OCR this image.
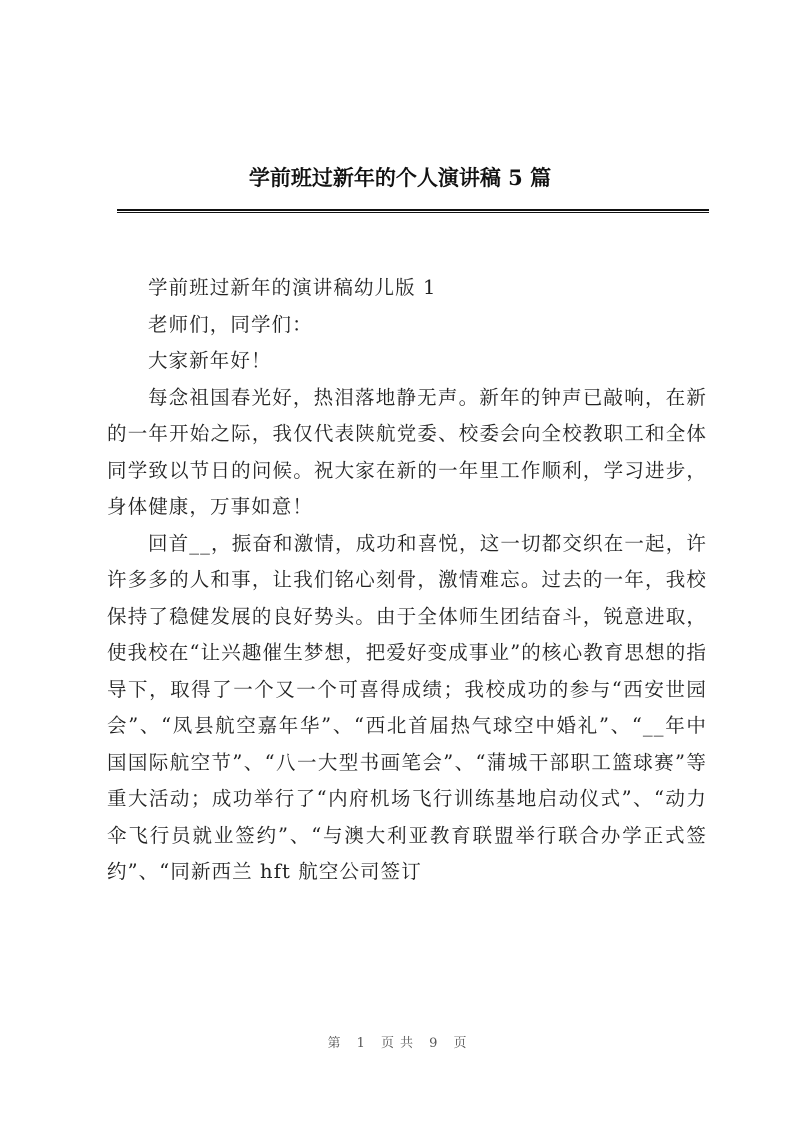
学前班过新年的个人演讲稿 5 篇

学前班过新年的演讲稿幼儿版 1

老师们，同学们：

大家新年好！

每念祖国春光好，热泪落地静无声。新年的钟声已敲响，在新的一年开始之际，我仅代表陕航党委、校委会向全校教职工和全体同学致以节日的问候。祝大家在新的一年里工作顺利，学习进步，身体健康，万事如意！

回首__，振奋和激情，成功和喜悦，这一切都交织在一起，许许多多的人和事，让我们铭心刻骨，激情难忘。过去的一年，我校保持了稳健发展的良好势头。由于全体师生团结奋斗，锐意进取，使我校在“让兴趣催生梦想，把爱好变成事业”的核心教育思想的指导下，取得了一个又一个可喜得成绩；我校成功的参与“西安世园会”、“凤县航空嘉年华”、“西北首届热气球空中婚礼”、“__年中国国际航空节”、“八一大型书画笔会”、“蒲城干部职工篮球赛”等重大活动；成功举行了“内府机场飞行训练基地启动仪式”、“动力伞飞行员就业签约”、“与澳大利亚教育联盟举行联合办学正式签约”、“同新西兰 hft 航空公司签订

第 1 页共 9 页
